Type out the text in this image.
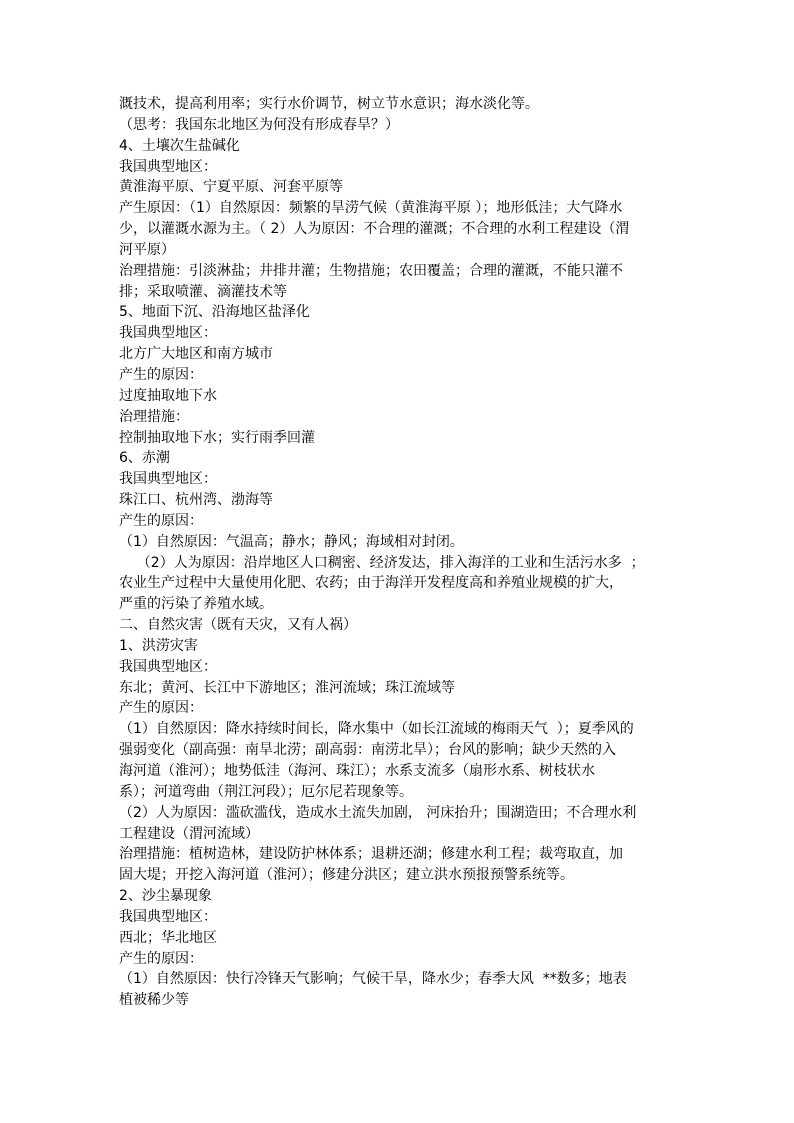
溉技术，提高利用率；实行水价调节，树立节水意识；海水淡化等。
（思考：我国东北地区为何没有形成春旱？）
4、土壤次生盐碱化
我国典型地区：
黄淮海平原、宁夏平原、河套平原等
产生原因：（1）自然原因：频繁的旱涝气候（黄淮海平原 ）；地形低洼；大气降水
少，以灌溉水源为主。（ 2）人为原因：不合理的灌溉；不合理的水利工程建设（渭
河平原）
治理措施：引淡淋盐；井排井灌；生物措施；农田覆盖；合理的灌溉，不能只灌不
排；采取喷灌、滴灌技术等
5、地面下沉、沿海地区盐泽化
我国典型地区：
北方广大地区和南方城市
产生的原因：
过度抽取地下水
治理措施：
控制抽取地下水；实行雨季回灌
6、赤潮
我国典型地区：
珠江口、杭州湾、渤海等
产生的原因：
（1）自然原因：气温高；静水；静风；海域相对封闭。
（2）人为原因：沿岸地区人口稠密、经济发达，排入海洋的工业和生活污水多  ；
农业生产过程中大量使用化肥、农药；由于海洋开发程度高和养殖业规模的扩大，
严重的污染了养殖水域。
二、自然灾害（既有天灾，又有人祸）
1、洪涝灾害
我国典型地区：
东北；黄河、长江中下游地区；淮河流域；珠江流域等
产生的原因：
（1）自然原因：降水持续时间长，降水集中（如长江流域的梅雨天气  ）；夏季风的
强弱变化（副高强：南旱北涝；副高弱：南涝北旱）；台风的影响；缺少天然的入
海河道（淮河）；地势低洼（海河、珠江）；水系支流多（扇形水系、树枝状水
系）；河道弯曲（荆江河段）；厄尔尼若现象等。
（2）人为原因：滥砍滥伐，造成水土流失加剧， 河床抬升；围湖造田；不合理水利
工程建设（渭河流域）
治理措施：植树造林，建设防护林体系；退耕还湖；修建水利工程；裁弯取直，加
固大堤；开挖入海河道（淮河）；修建分洪区；建立洪水预报预警系统等。
2、沙尘暴现象
我国典型地区：
西北；华北地区
产生的原因：
（1）自然原因：快行冷锋天气影响；气候干旱，降水少；春季大风  **数多；地表
植被稀少等
